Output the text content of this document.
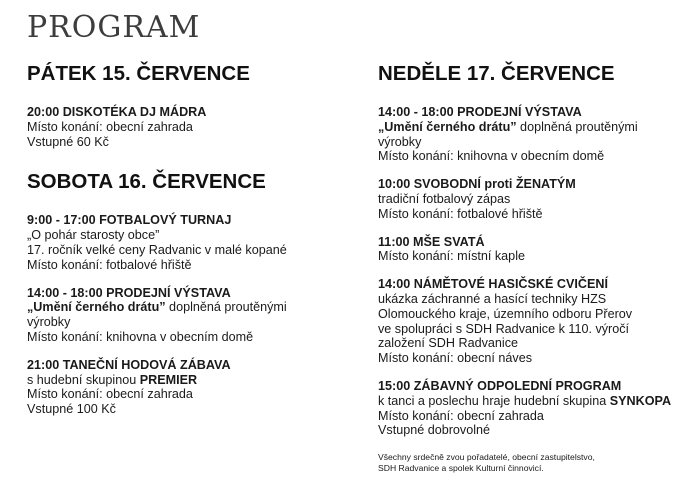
PROGRAM
PÁTEK 15. ČERVENCE
20:00 DISKOTÉKA DJ MÁDRA
Místo konání: obecní zahrada
Vstupné 60 Kč
SOBOTA 16. ČERVENCE
9:00 - 17:00 FOTBALOVÝ TURNAJ
„O pohár starosty obce”
17. ročník velké ceny Radvanic v malé kopané
Místo konání: fotbalové hřiště
14:00 - 18:00 PRODEJNÍ VÝSTAVA
„Umění černého drátu” doplněná proutěnými
výrobky
Místo konání: knihovna v obecním domě
21:00 TANEČNÍ HODOVÁ ZÁBAVA
s hudební skupinou PREMIER
Místo konání: obecní zahrada
Vstupné 100 Kč
NEDĚLE 17. ČERVENCE
14:00 - 18:00 PRODEJNÍ VÝSTAVA
„Umění černého drátu” doplněná proutěnými
výrobky
Místo konání: knihovna v obecním domě
10:00 SVOBODNÍ proti ŽENATÝM
tradiční fotbalový zápas
Místo konání: fotbalové hřiště
11:00 MŠE SVATÁ
Místo konání: místní kaple
14:00 NÁMĚTOVÉ HASIČSKÉ CVIČENÍ
ukázka záchranné a hasící techniky HZS
Olomouckého kraje, územního odboru Přerov
ve spolupráci s SDH Radvanice k 110. výročí
založení SDH Radvanice
Místo konání: obecní náves
15:00 ZÁBAVNÝ ODPOLEDNÍ PROGRAM
k tanci a poslechu hraje hudební skupina SYNKOPA
Místo konání: obecní zahrada
Vstupné dobrovolné
Všechny srdečně zvou pořadatelé, obecní zastupitelstvo,
SDH Radvanice a spolek Kulturní činnovicí.
